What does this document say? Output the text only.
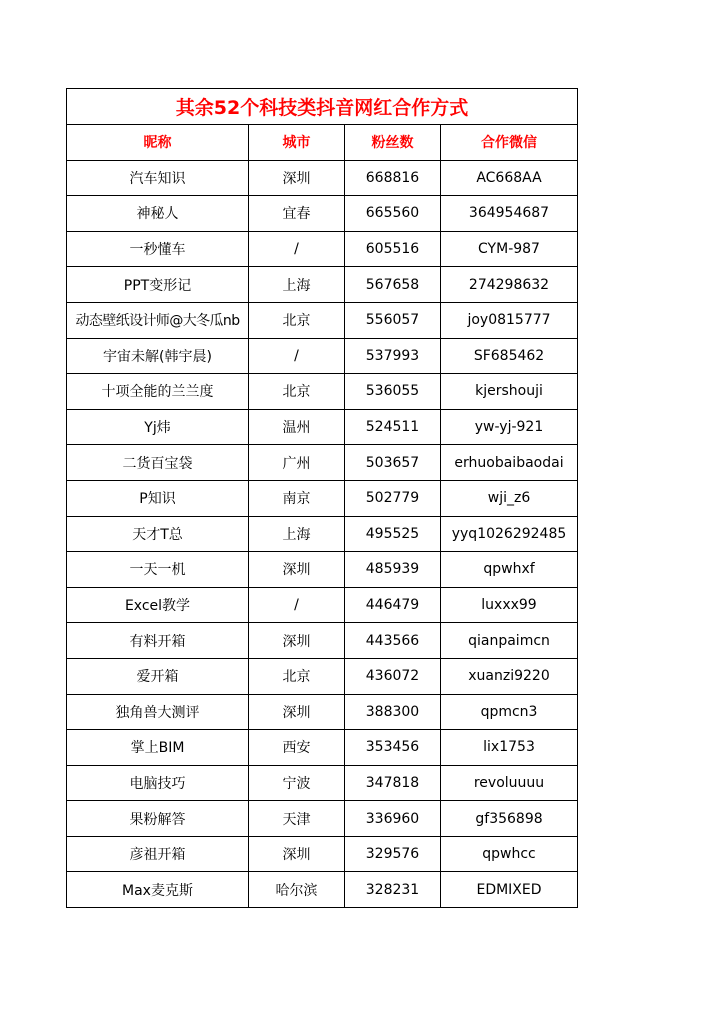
其余52个科技类抖音网红合作方式			
昵称	城市	粉丝数	合作微信
汽车知识	深圳	668816	AC668AA
神秘人	宜春	665560	364954687
一秒懂车	/	605516	CYM-987
PPT变形记	上海	567658	274298632
动态壁纸设计师@大冬瓜nb	北京	556057	joy0815777
宇宙未解(韩宇晨)	/	537993	SF685462
十项全能的兰兰度	北京	536055	kjershouji
Yj炜	温州	524511	yw-yj-921
二货百宝袋	广州	503657	erhuobaibaodai
P知识	南京	502779	wji_z6
天才T总	上海	495525	yyq1026292485
一天一机	深圳	485939	qpwhxf
Excel教学	/	446479	luxxx99
有料开箱	深圳	443566	qianpaimcn
爱开箱	北京	436072	xuanzi9220
独角兽大测评	深圳	388300	qpmcn3
掌上BIM	西安	353456	lix1753
电脑技巧	宁波	347818	revoluuuu
果粉解答	天津	336960	gf356898
彦祖开箱	深圳	329576	qpwhcc
Max麦克斯	哈尔滨	328231	EDMIXED
